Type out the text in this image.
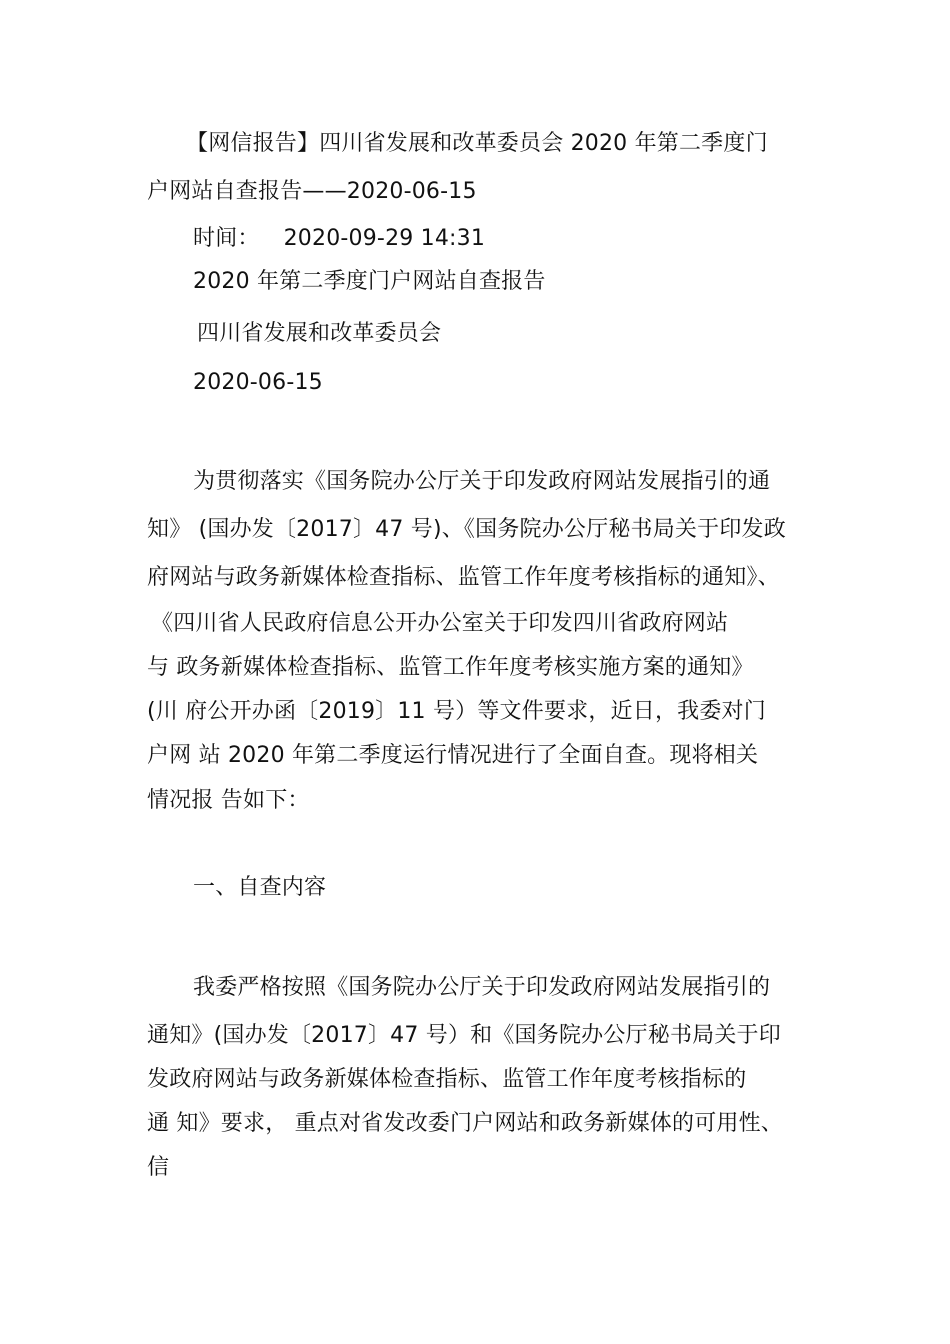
【网信报告】四川省发展和改革委员会 2020 年第二季度门
户网站自查报告——2020-06-15
时间： 2020-09-29 14:31
2020 年第二季度门户网站自查报告
四川省发展和改革委员会
2020-06-15
为贯彻落实《国务院办公厅关于印发政府网站发展指引的通
知》 (国办发〔2017〕47 号)、《国务院办公厅秘书局关于印发政
府网站与政务新媒体检查指标、监管工作年度考核指标的通知》、
《四川省人民政府信息公开办公室关于印发四川省政府网站
与 政务新媒体检查指标、监管工作年度考核实施方案的通知》
(川 府公开办函〔2019〕11 号）等文件要求，近日，我委对门
户网 站 2020 年第二季度运行情况进行了全面自查。现将相关
情况报 告如下：
一、自查内容
我委严格按照《国务院办公厅关于印发政府网站发展指引的
通知》(国办发〔2017〕47 号）和《国务院办公厅秘书局关于印
发政府网站与政务新媒体检查指标、监管工作年度考核指标的
通 知》要求， 重点对省发改委门户网站和政务新媒体的可用性、
信
